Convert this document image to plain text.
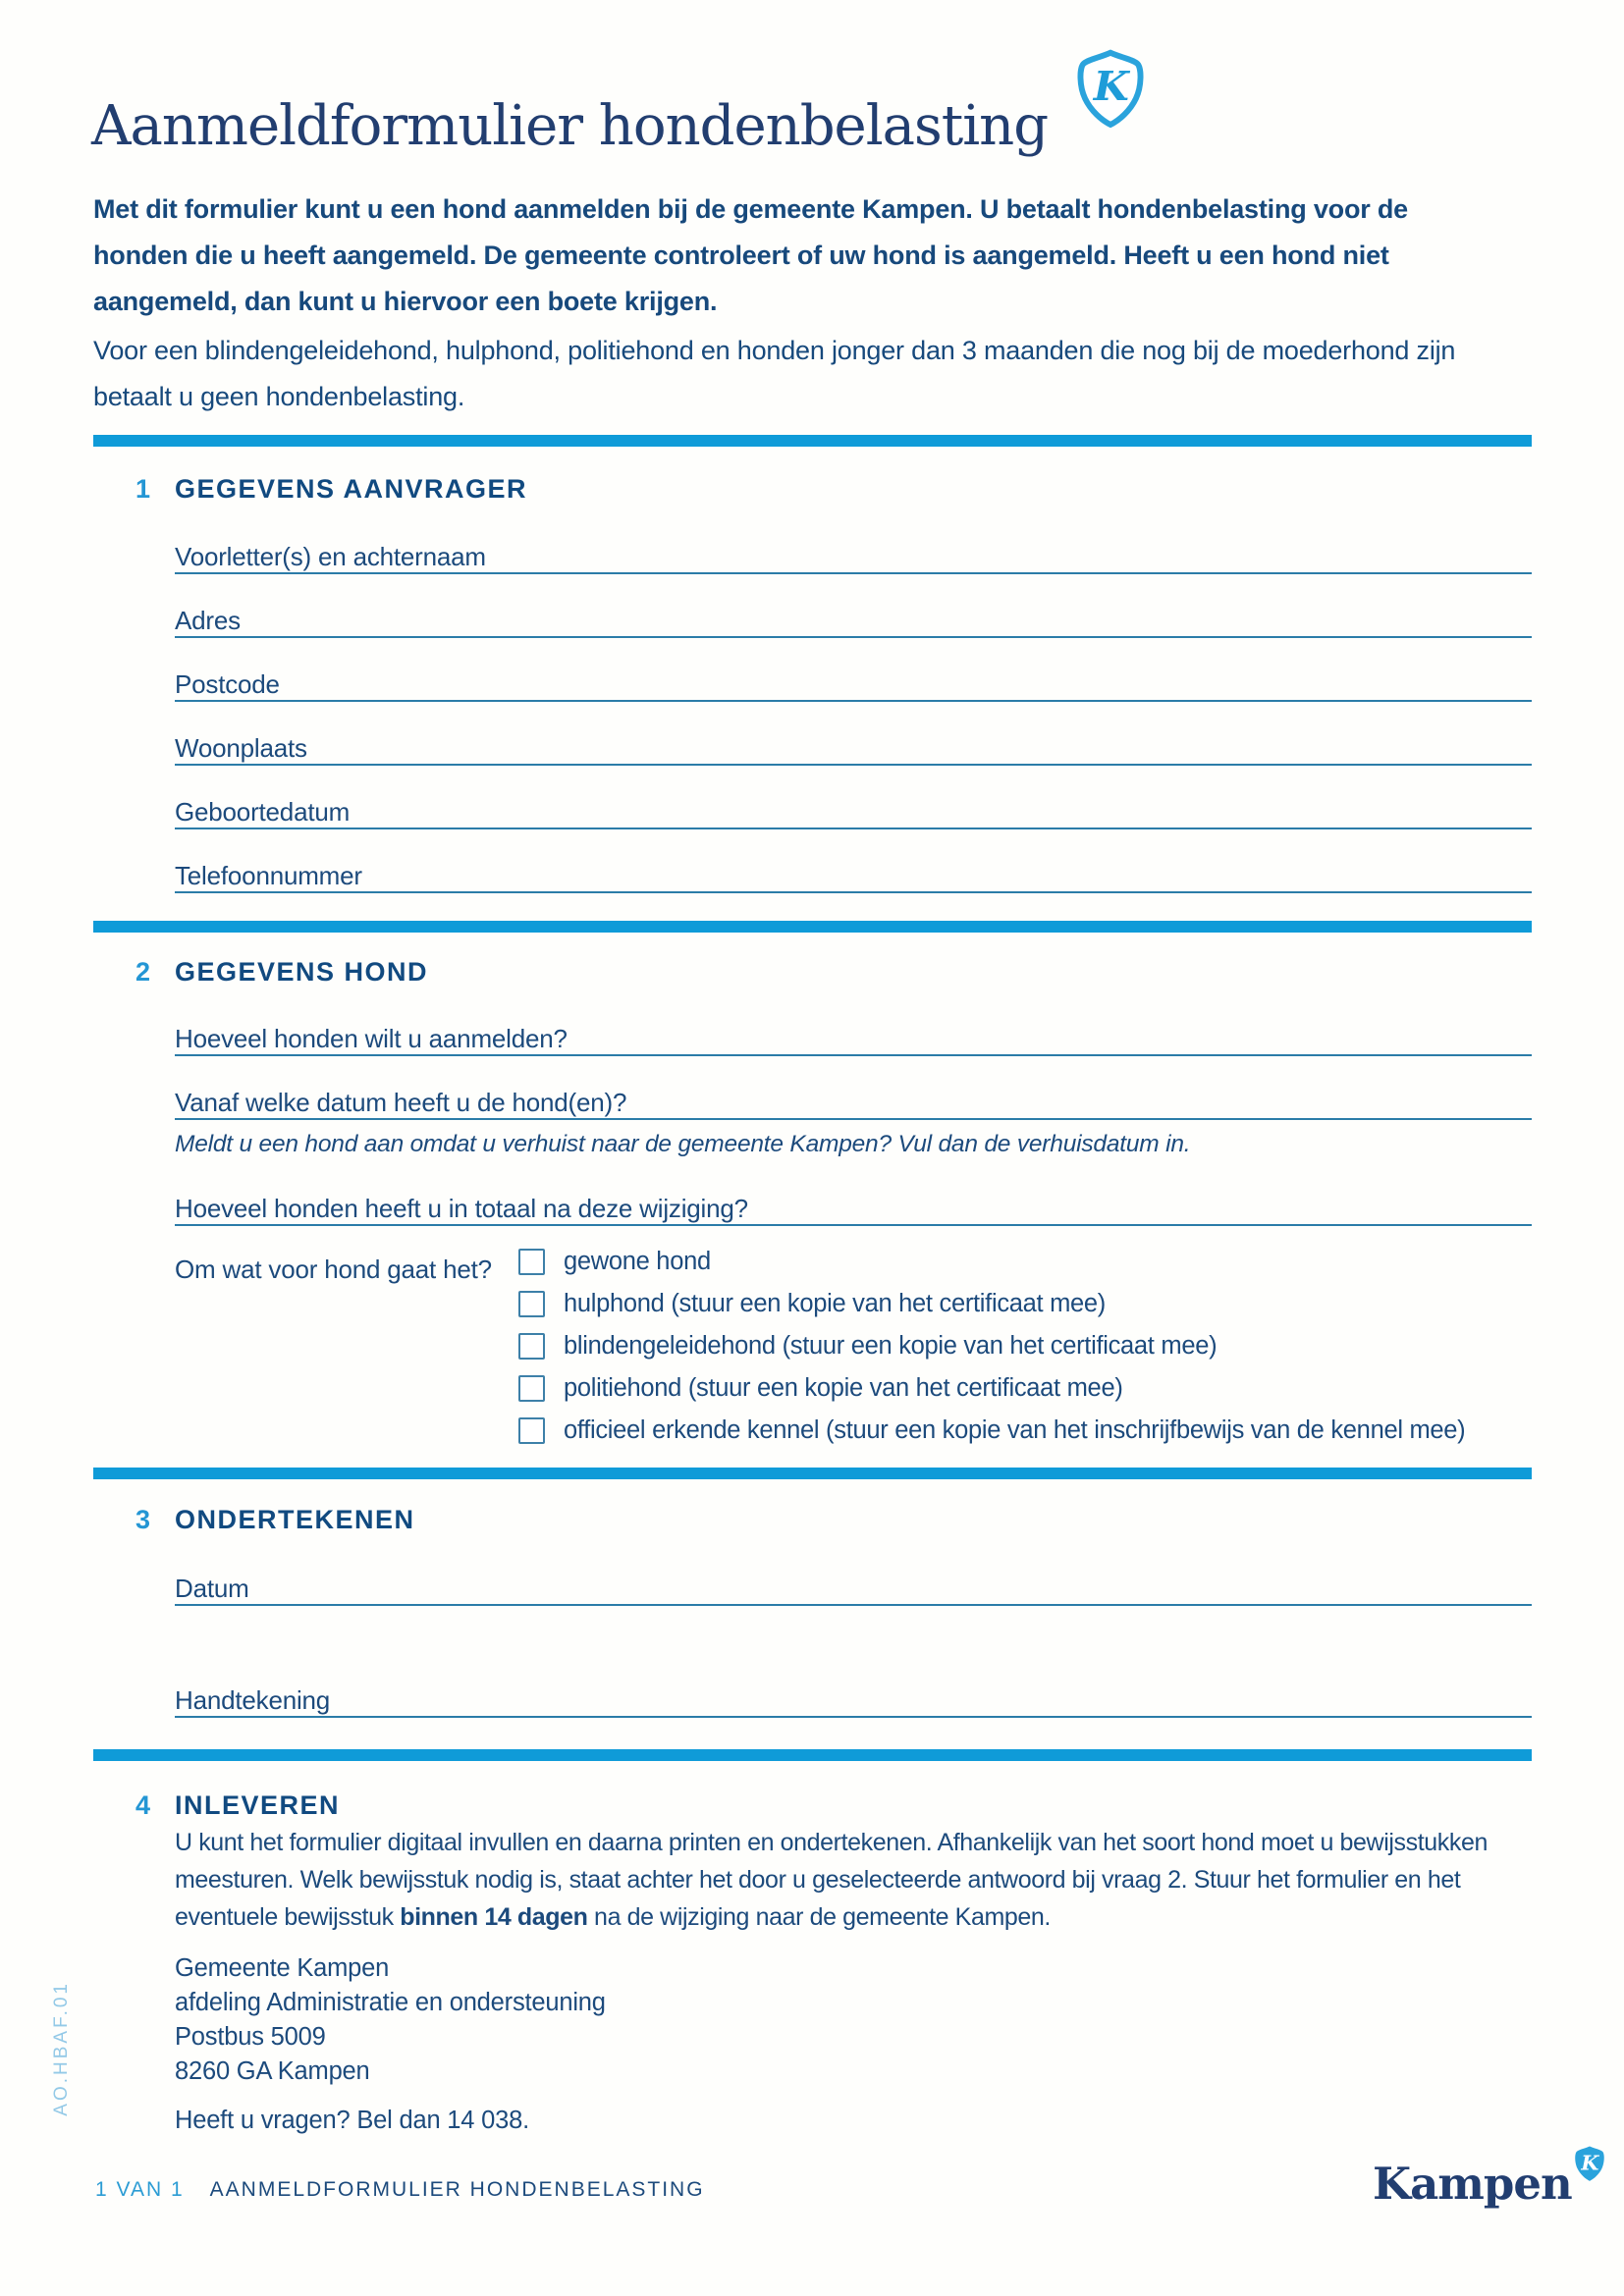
Aanmeldformulier hondenbelasting
K

Met dit formulier kunt u een hond aanmelden bij de gemeente Kampen. U betaalt hondenbelasting voor de honden die u heeft aangemeld. De gemeente controleert of uw hond is aangemeld. Heeft u een hond niet aangemeld, dan kunt u hiervoor een boete krijgen.

Voor een blindengeleidehond, hulphond, politiehond en honden jonger dan 3 maanden die nog bij de moederhond zijn betaalt u geen hondenbelasting.

1 GEGEVENS AANVRAGER
Voorletter(s) en achternaam
Adres
Postcode
Woonplaats
Geboortedatum
Telefoonnummer
2 GEGEVENS HOND
Hoeveel honden wilt u aanmelden?
Vanaf welke datum heeft u de hond(en)?
Meldt u een hond aan omdat u verhuist naar de gemeente Kampen? Vul dan de verhuisdatum in.
Hoeveel honden heeft u in totaal na deze wijziging?
Om wat voor hond gaat het?	gewone hond
hulphond (stuur een kopie van het certificaat mee)
blindengeleidehond (stuur een kopie van het certificaat mee)
politiehond (stuur een kopie van het certificaat mee)
officieel erkende kennel (stuur een kopie van het inschrijfbewijs van de kennel mee)
3 ONDERTEKENEN
Datum
Handtekening
4 INLEVEREN

U kunt het formulier digitaal invullen en daarna printen en ondertekenen. Afhankelijk van het soort hond moet u bewijsstukken meesturen. Welk bewijsstuk nodig is, staat achter het door u geselecteerde antwoord bij vraag 2. Stuur het formulier en het eventuele bewijsstuk binnen 14 dagen na de wijziging naar de gemeente Kampen.

Gemeente Kampen
afdeling Administratie en ondersteuning
Postbus 5009
8260 GA Kampen
Heeft u vragen? Bel dan 14 038.
AO.HBAF.01
1 VAN 1 AANMELDFORMULIER HONDENBELASTING	Kampen K
